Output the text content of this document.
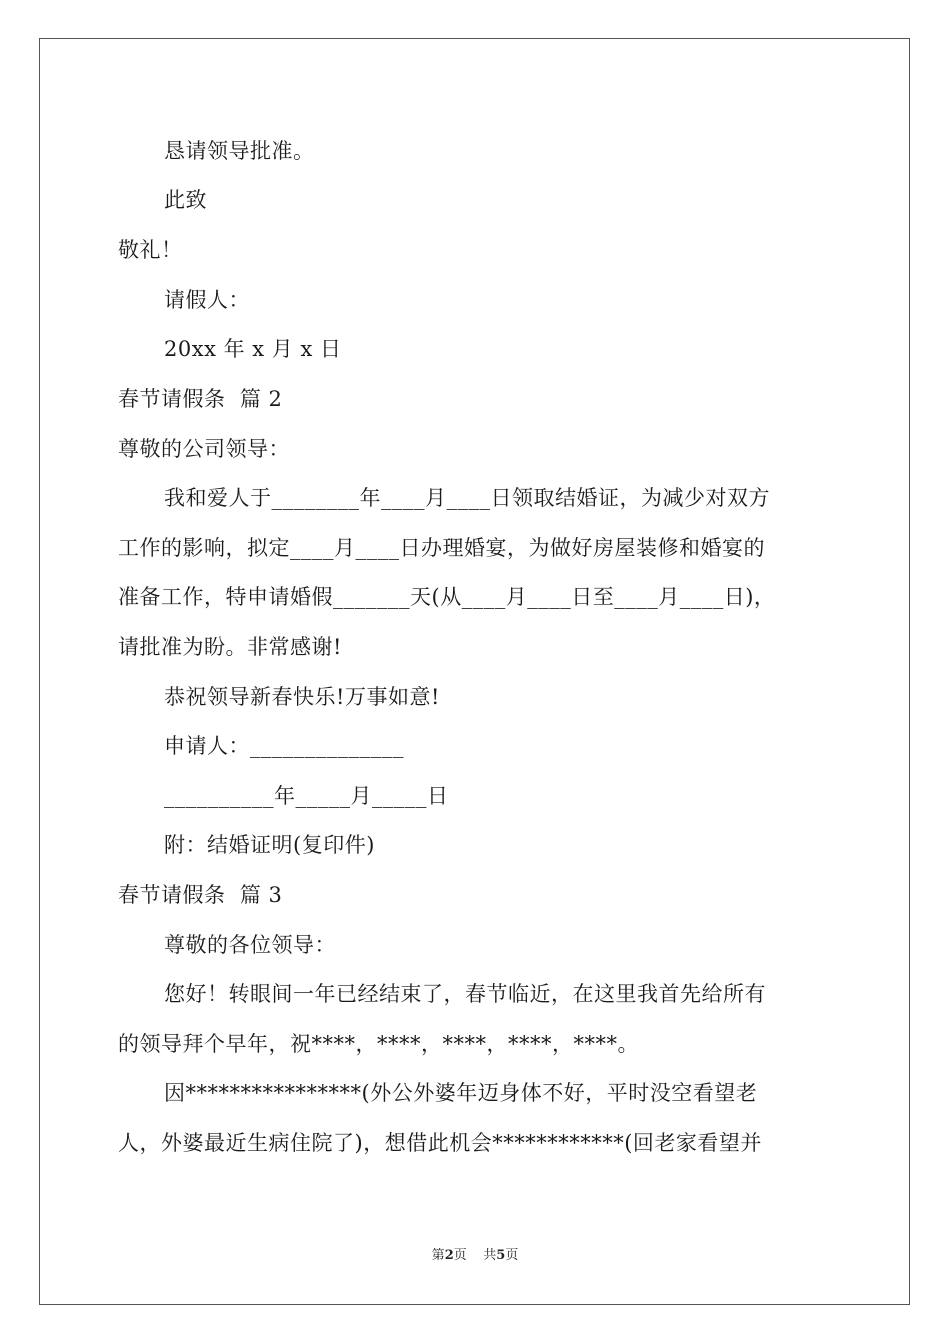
恳请领导批准。
此致
敬礼！
请假人：
20xx 年 x 月 x 日
春节请假条  篇 2
尊敬的公司领导：
我和爱人于________年____月____日领取结婚证，为减少对双方
工作的影响，拟定____月____日办理婚宴，为做好房屋装修和婚宴的
准备工作，特申请婚假_______天(从____月____日至____月____日)，
请批准为盼。非常感谢!
恭祝领导新春快乐!万事如意!
申请人：______________
__________年_____月_____日
附：结婚证明(复印件)
春节请假条  篇 3
尊敬的各位领导：
您好！转眼间一年已经结束了，春节临近，在这里我首先给所有
的领导拜个早年，祝****，****，****，****，****。
因****************(外公外婆年迈身体不好，平时没空看望老
人，外婆最近生病住院了)，想借此机会************(回老家看望并
第2页    共5页
